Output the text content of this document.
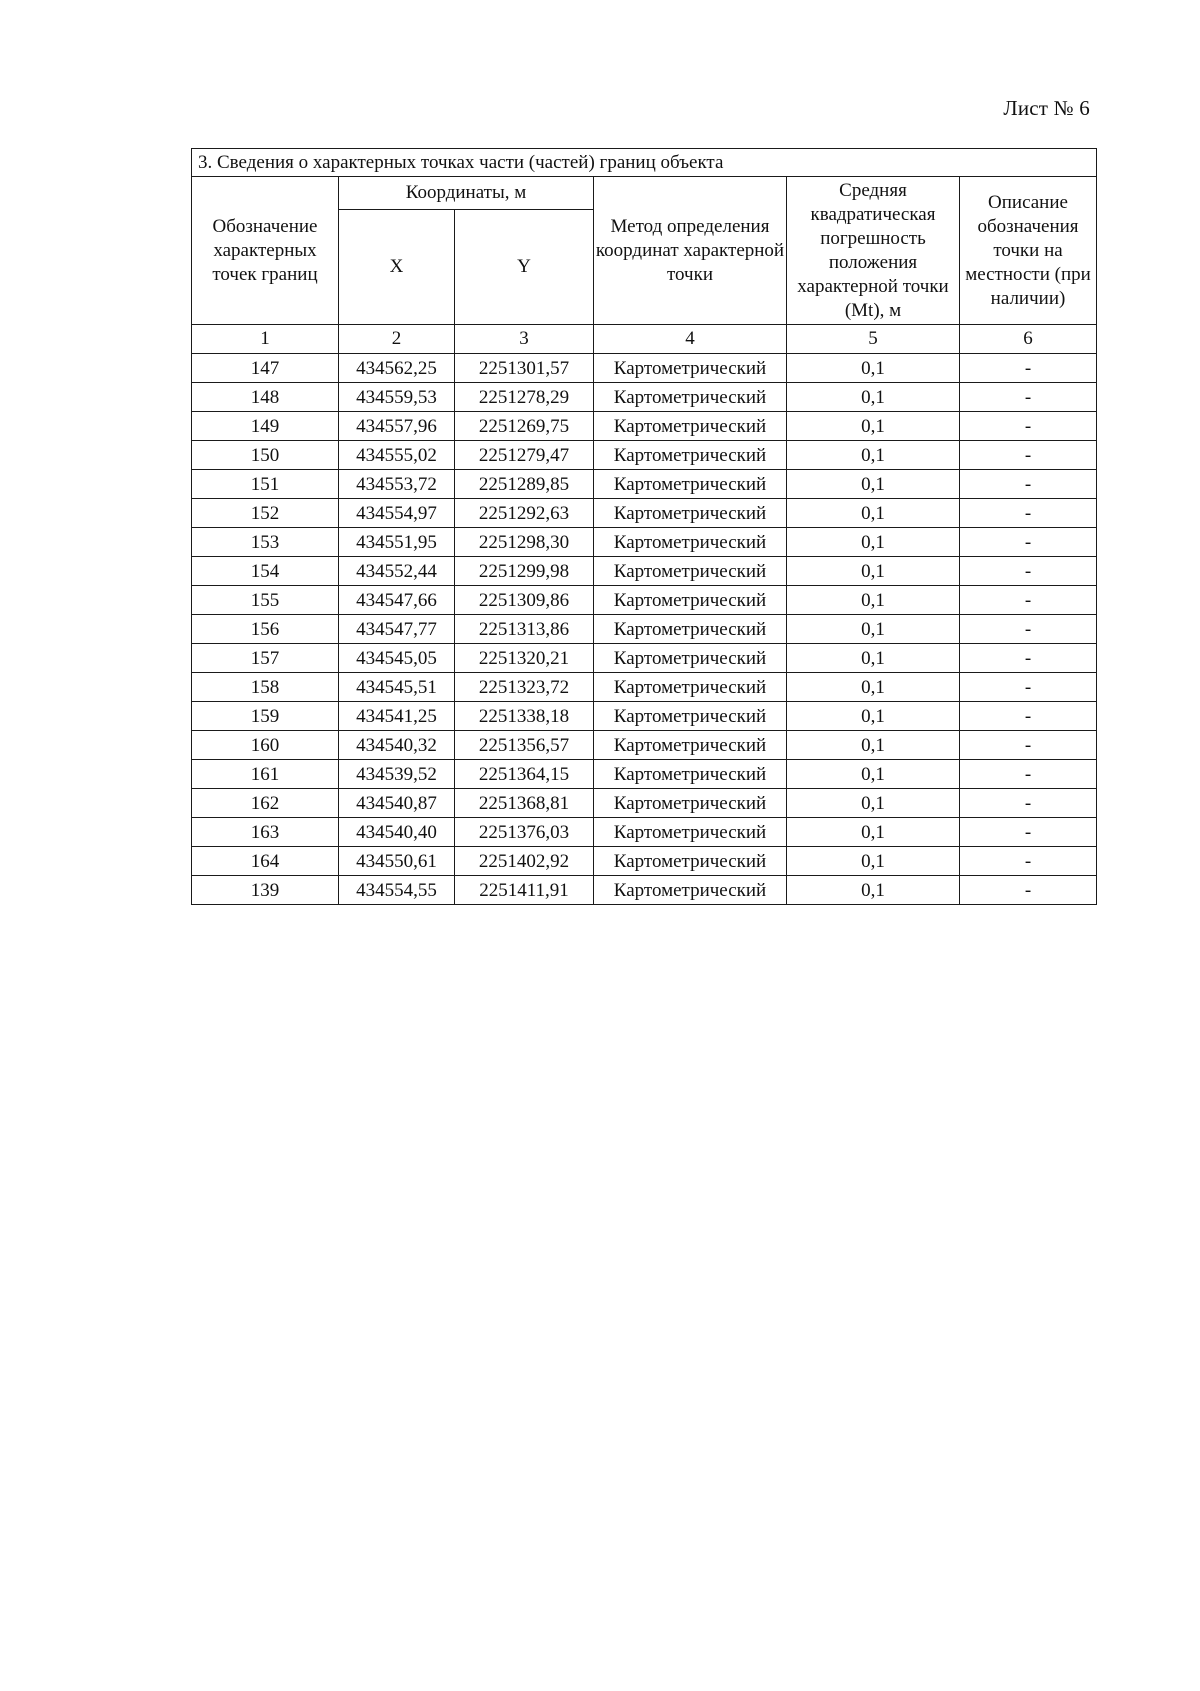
Лист № 6
3. Сведения о характерных точках части (частей) границ объекта					
Обозначение характерных точек границ	Координаты, м		Метод определения координат характерной точки	Средняя квадратическая погрешность положения характерной точки (Mt), м	Описание обозначения точки на местности (при наличии)
	X	Y			
1	2	3	4	5	6
147	434562,25	2251301,57	Картометрический	0,1	-
148	434559,53	2251278,29	Картометрический	0,1	-
149	434557,96	2251269,75	Картометрический	0,1	-
150	434555,02	2251279,47	Картометрический	0,1	-
151	434553,72	2251289,85	Картометрический	0,1	-
152	434554,97	2251292,63	Картометрический	0,1	-
153	434551,95	2251298,30	Картометрический	0,1	-
154	434552,44	2251299,98	Картометрический	0,1	-
155	434547,66	2251309,86	Картометрический	0,1	-
156	434547,77	2251313,86	Картометрический	0,1	-
157	434545,05	2251320,21	Картометрический	0,1	-
158	434545,51	2251323,72	Картометрический	0,1	-
159	434541,25	2251338,18	Картометрический	0,1	-
160	434540,32	2251356,57	Картометрический	0,1	-
161	434539,52	2251364,15	Картометрический	0,1	-
162	434540,87	2251368,81	Картометрический	0,1	-
163	434540,40	2251376,03	Картометрический	0,1	-
164	434550,61	2251402,92	Картометрический	0,1	-
139	434554,55	2251411,91	Картометрический	0,1	-
